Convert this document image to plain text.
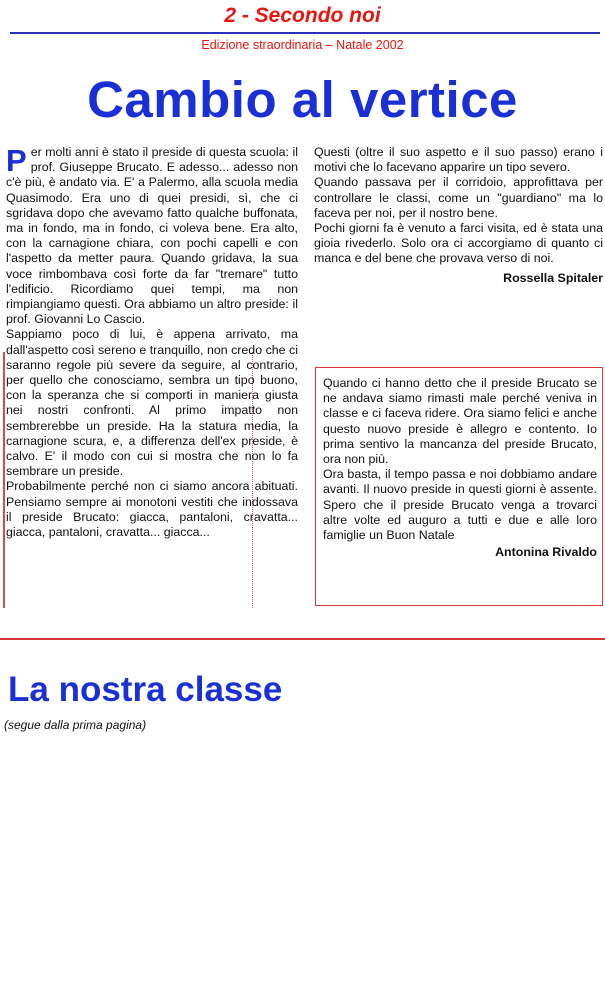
2 - Secondo noi
Edizione straordinaria – Natale 2002
Cambio al vertice
P er molti anni è stato il preside di questa scuola: il prof. Giuseppe Brucato. E adesso... adesso non c'è più, è andato via. E' a Palermo, alla scuola media Quasimodo. Era uno di quei presidi, sì, che ci sgridava dopo che avevamo fatto qualche buffonata, ma in fondo, ma in fondo, ci voleva bene. Era alto, con la carnagione chiara, con pochi capelli e con l'aspetto da metter paura. Quando gridava, la sua voce rimbombava così forte da far "tremare" tutto l'edificio. Ricordiamo quei tempi, ma non rimpiangiamo questi. Ora abbiamo un altro preside: il prof. Giovanni Lo Cascio.

Sappiamo poco di lui, è appena arrivato, ma dall'aspetto così sereno e tranquillo, non credo che ci saranno regole più severe da seguire, al contrario, per quello che conosciamo, sembra un tipo buono, con la speranza che si comporti in maniera giusta nei nostri confronti. Al primo impatto non sembrerebbe un preside. Ha la statura media, la carnagione scura, e, a differenza dell'ex preside, è calvo. E' il modo con cui si mostra che non lo fa sembrare un preside.

Probabilmente perché non ci siamo ancora abituati. Pensiamo sempre ai monotoni vestiti che indossava il preside Brucato: giacca, pantaloni, cravatta... giacca, pantaloni, cravatta... giacca...

Questi (oltre il suo aspetto e il suo passo) erano i motivi che lo facevano apparire un tipo severo.

Quando passava per il corridoio, approfittava per controllare le classi, come un "guardiano" ma lo faceva per noi, per il nostro bene.

Pochi giorni fa è venuto a farci visita, ed è stata una gioia rivederlo. Solo ora ci accorgiamo di quanto ci manca e del bene che provava verso di noi.

Rossella Spitaler

Quando ci hanno detto che il preside Brucato se ne andava siamo rimasti male perché veniva in classe e ci faceva ridere. Ora siamo felici e anche questo nuovo preside è allegro e contento. Io prima sentivo la mancanza del preside Brucato, ora non più.

Ora basta, il tempo passa e noi dobbiamo andare avanti. Il nuovo preside in questi giorni è assente. Spero che il preside Brucato venga a trovarci altre volte ed auguro a tutti e due e alle loro famiglie un Buon Natale

Antonina Rivaldo
La nostra classe
(segue dalla prima pagina)
